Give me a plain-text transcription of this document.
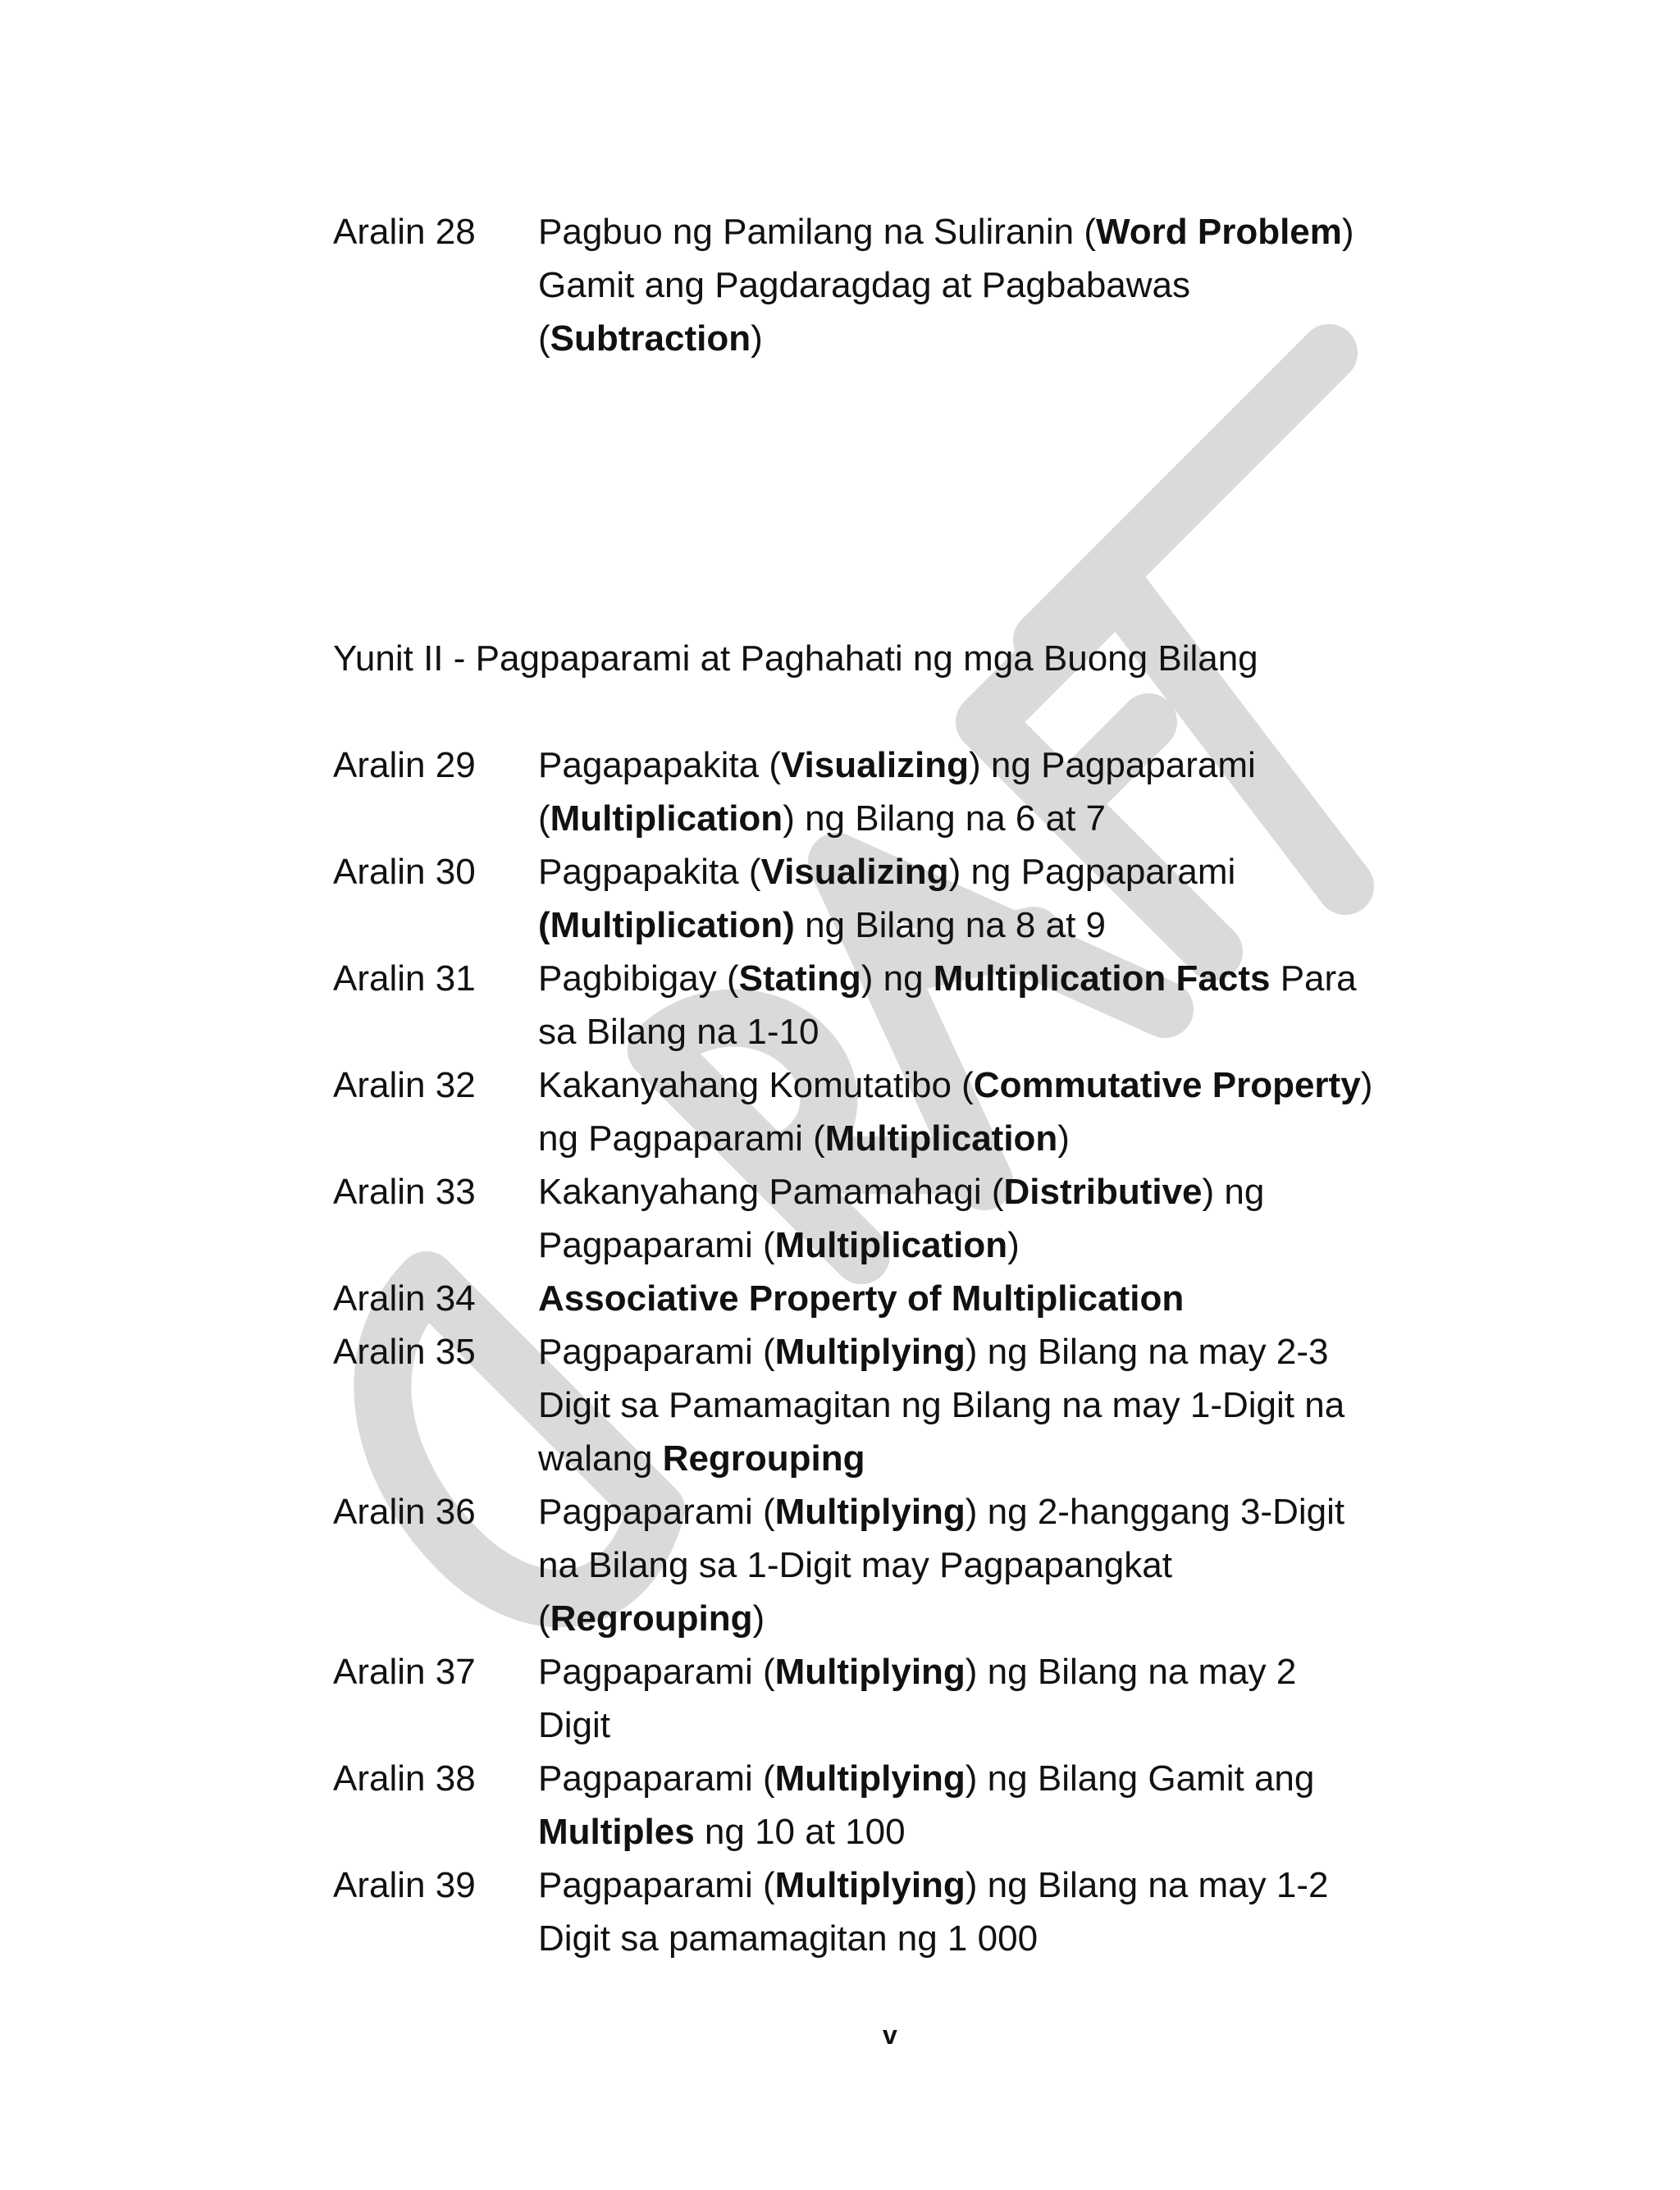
Aralin 28	Pagbuo ng Pamilang na Suliranin (Word Problem) Gamit ang Pagdaragdag at Pagbabawas (Subtraction)
Yunit II - Pagpaparami at Paghahati ng mga Buong Bilang
Aralin 29	Pagapapakita (Visualizing) ng Pagpaparami (Multiplication) ng Bilang na 6 at 7
Aralin 30	Pagpapakita (Visualizing) ng Pagpaparami (Multiplication) ng Bilang na 8 at 9
Aralin 31	Pagbibigay (Stating) ng Multiplication Facts Para sa Bilang na 1-10
Aralin 32	Kakanyahang Komutatibo (Commutative Property) ng Pagpaparami (Multiplication)
Aralin 33	Kakanyahang Pamamahagi (Distributive) ng Pagpaparami (Multiplication)
Aralin 34	Associative Property of Multiplication
Aralin 35	Pagpaparami (Multiplying) ng Bilang na may 2-3 Digit sa Pamamagitan ng Bilang na may 1-Digit na walang Regrouping
Aralin 36	Pagpaparami (Multiplying) ng 2-hanggang 3-Digit na Bilang sa 1-Digit may Pagpapangkat (Regrouping)
Aralin 37	Pagpaparami (Multiplying) ng Bilang na may 2 Digit
Aralin 38	Pagpaparami (Multiplying) ng Bilang Gamit ang Multiples ng 10 at 100
Aralin 39	Pagpaparami (Multiplying) ng Bilang na may 1-2 Digit sa pamamagitan ng 1 000
v
